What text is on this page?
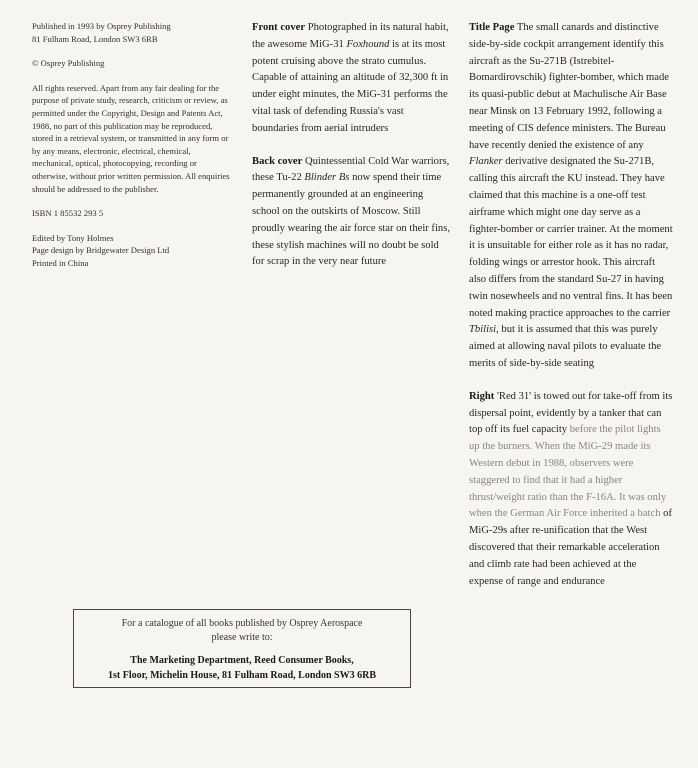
Published in 1993 by Osprey Publishing
81 Fulham Road, London SW3 6RB

© Osprey Publishing

All rights reserved. Apart from any fair dealing for the purpose of private study, research, criticism or review, as permitted under the Copyright, Design and Patents Act, 1988, no part of this publication may be reproduced, stored in a retrieval system, or transmitted in any form or by any means, electronic, electrical, chemical, mechanical, optical, photocopying, recording or otherwise, without prior written permission. All enquiries should be addressed to the publisher.

ISBN 1 85532 293 5

Edited by Tony Holmes
Page design by Bridgewater Design Ltd
Printed in China

Front cover Photographed in its natural habit, the awesome MiG-31 Foxhound is at its most potent cruising above the strato cumulus. Capable of attaining an altitude of 32,300 ft in under eight minutes, the MiG-31 performs the vital task of defending Russia's vast boundaries from aerial intruders

Back cover Quintessential Cold War warriors, these Tu-22 Blinder Bs now spend their time permanently grounded at an engineering school on the outskirts of Moscow. Still proudly wearing the air force star on their fins, these stylish machines will no doubt be sold for scrap in the very near future

Title Page The small canards and distinctive side-by-side cockpit arrangement identify this aircraft as the Su-271B (Istrebitel-Bomardirovschik) fighter-bomber, which made its quasi-public debut at Machulische Air Base near Minsk on 13 February 1992, following a meeting of CIS defence ministers. The Bureau have recently denied the existence of any Flanker derivative designated the Su-271B, calling this aircraft the KU instead. They have claimed that this machine is a one-off test airframe which might one day serve as a fighter-bomber or carrier trainer. At the moment it is unsuitable for either role as it has no radar, folding wings or arrestor hook. This aircraft also differs from the standard Su-27 in having twin nosewheels and no ventral fins. It has been noted making practice approaches to the carrier Tbilisi, but it is assumed that this was purely aimed at allowing naval pilots to evaluate the merits of side-by-side seating

Right 'Red 31' is towed out for take-off from its dispersal point, evidently by a tanker that can top off its fuel capacity before the pilot lights up the burners. When the MiG-29 made its Western debut in 1988, observers were staggered to find that it had a higher thrust/weight ratio than the F-16A. It was only when the German Air Force inherited a batch of MiG-29s after re-unification that the West discovered that their remarkable acceleration and climb rate had been achieved at the expense of range and endurance

For a catalogue of all books published by Osprey Aerospace
please write to:
The Marketing Department, Reed Consumer Books,
1st Floor, Michelin House, 81 Fulham Road, London SW3 6RB
